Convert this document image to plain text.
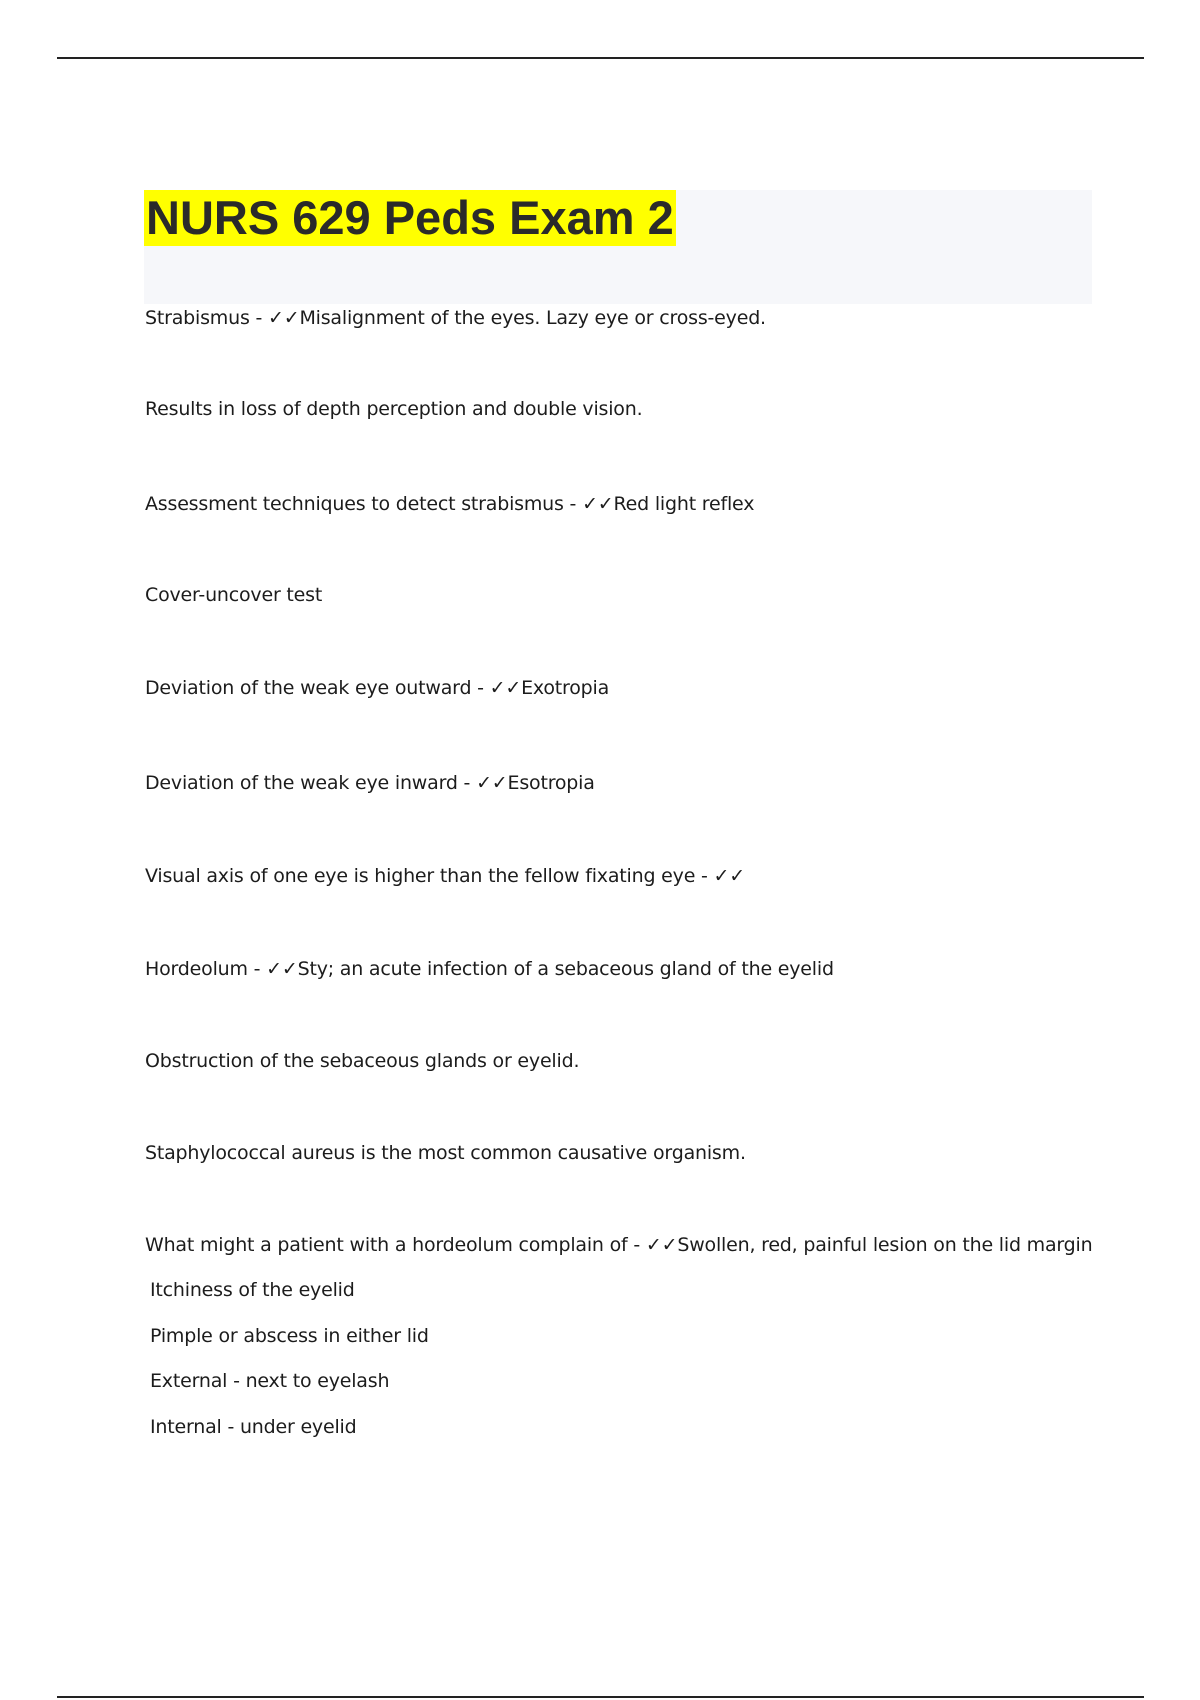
NURS 629 Peds Exam 2
Strabismus - ✓✓Misalignment of the eyes. Lazy eye or cross-eyed.
Results in loss of depth perception and double vision.
Assessment techniques to detect strabismus - ✓✓Red light reflex
Cover-uncover test
Deviation of the weak eye outward - ✓✓Exotropia
Deviation of the weak eye inward - ✓✓Esotropia
Visual axis of one eye is higher than the fellow fixating eye - ✓✓
Hordeolum - ✓✓Sty; an acute infection of a sebaceous gland of the eyelid
Obstruction of the sebaceous glands or eyelid.
Staphylococcal aureus is the most common causative organism.
What might a patient with a hordeolum complain of - ✓✓Swollen, red, painful lesion on the lid margin
Itchiness of the eyelid
Pimple or abscess in either lid
External - next to eyelash
Internal - under eyelid
